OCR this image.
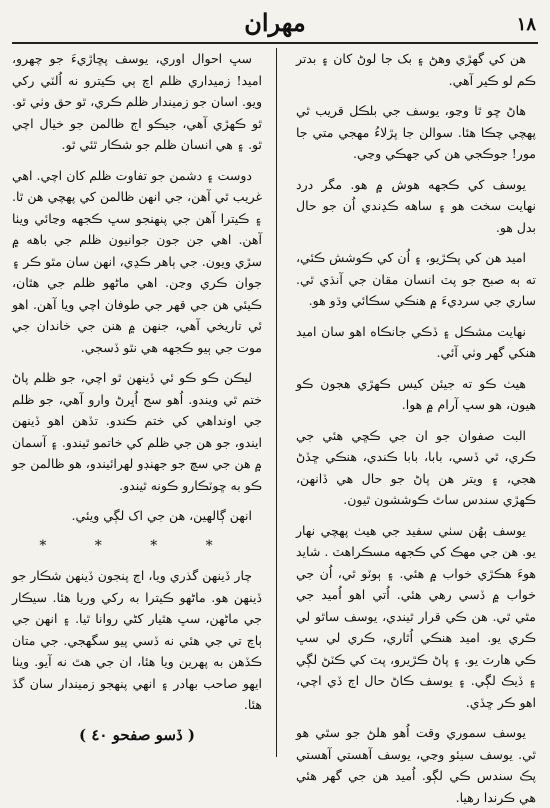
مهران	١٨

هن کي گهڙي وهڻ ۽ بک جا لوڻ کان ۽ بدتر ڪم لو ڪير آهي.

هاڻ ڇو ٿا وڃو، يوسف جي بلڪل قريب ٿي پهچي چڪا هئا. سوالن جا پڙلاءُ مهجي متي جا مور! جوڪجي هن کي جهڪي وڃي.

يوسف کي ڪجهه هوش ۾ هو. مگر درد نهايت سخت هو ۽ ساهه ڪڍندي اُن جو حال بدل هو.

اميد هن کي پڪڙيو، ۽ اُن کي ڪوشش ڪئي، ته ٻه صبح جو پٽ انسان مقان جي آنڌي ٿي. ساري جي سرديءَ ۾ هنڪي سڪائي وڌو هو.

نهايت مشڪل ۽ ڏڪي جانڪاه اهو سان اميد هنکي گهر وٺي آئي.

هيٺ ڪو ته جيئن کيس ڪهڙي هجون ڪو هيون، هو سڀ آرام ۾ هوا.

البت صفوان جو ان جي ڪڇي هئي جي ڪري، ٿي ڏسي، بابا، بابا ڪندي، هنڪي ڇڏڻ هجي، ۽ ويتر هن پاڻ جو حال هي ڏانهن، ڪهڙي سندس ساٿ ڪوششون ٿيون.

يوسف ٻهُن سٺي سفيد جي هيٺ پهچي نهار يو. هن جي مهڪ کي ڪجهه مسڪراهٽ . شايد هوءَ هڪڙي خواب ۾ هئي. ۽ ٻوٽو ٿي، اُن جي خواب ۾ ڏسي رهي هئي. اُتي اهو اُميد جي مٿي ٿي. هن ڪي قرار ٿيندي، يوسف ساٿو لي ڪري يو. اميد هنڪي اُٿاري، ڪري لي سڀ ڪي هارٽ يو. ۽ پاڻ ڪڙيرو، پٽ کي ڪٽڻ لڳي ۽ ڏيڪ لڳي. ۽ يوسف ڪاڻ حال اڄ ڏي اچي، اهو ڪر ڇڏي.

يوسف سموري وقت اُهو هلڻ جو سٿي هو ٿي. يوسف سيئو وڃي، يوسف آهستي آهستي پڪ سندس ڪي لڳو. اُميد هن جي گهر هئي هي ڪرندا رهيا.

سڀ احوال اوري، يوسف پڇاڙيءَ جو چهرو، اميد! زميداري ظلم اچ ٻي ڪيترو نه اُلٽي رکي ويو. اسان جو زميندار ظلم ڪري، ٿو حق وٺي ٿو. ٿو ڪهڙي آهي، جيڪو اڄ ظالمن جو خيال اچي ٿو. ۽ هي انسان ظلم جو شڪار ٿئي ٿو.

دوست ۽ دشمن جو تفاوت ظلم کان اچي. اهي غريب ٿي آهن، جي انهن ظالمن کي پهچي هن ٿا. ۽ ڪيترا آهن جي پنهنجو سڀ ڪجهه وڃائي ويٺا آهن. اهي جن جون جوانيون ظلم جي باهه ۾ سڙي ويون. جي ٻاهر ڪڍي، انهن سان مٿو ڪر ۽ جوان ڪري وڃن. اهي ماڻهو ظلم جي هٿان، ڪيئي هن جي قهر جي طوفان اچي ويا آهن. اهو ئي تاريخي آهي، جنهن ۾ هنن جي خاندان جي موت جي ٻيو ڪجهه هي نٿو ڏسجي.

ليڪن ڪو ڪو ئي ڏينهن ٿو اچي، جو ظلم پاڻ ختم ٿي ويندو. اُهو سج اُڀرڻ وارو آهي، جو ظلم جي اونداهي کي ختم ڪندو. تڏهن اهو ڏينهن ايندو، جو هن جي ظلم کي خاتمو ٿيندو. ۽ آسمان ۾ هن جي سچ جو جهنڊو لهرائيندو، هو ظالمن جو ڪو به ڇوٽڪارو ڪونه ٿيندو.

انهن ڳالهين، هن جي اک لڳي ويئي.

* * * *

چار ڏينهن گذري ويا، اڄ پنجون ڏينهن شڪار جو ڏينهن هو. ماڻهو ڪيترا به رکي وريا هئا. سيڪار جي ماڻهن، سڀ هٿيار کڻي روانا ٿيا. ۽ انهن جي ٻاچ تي جي هئي نه ڏسي پيو سگهجي. جي متان ڪڏهن به پهرين ويا هئا، ان جي هٿ نه آيو. ويٺا ايهو صاحب بهادر ۽ انهي پنهجو زميندار سان گڏ هئا.

( ڏسو صفحو ٤٠ )
